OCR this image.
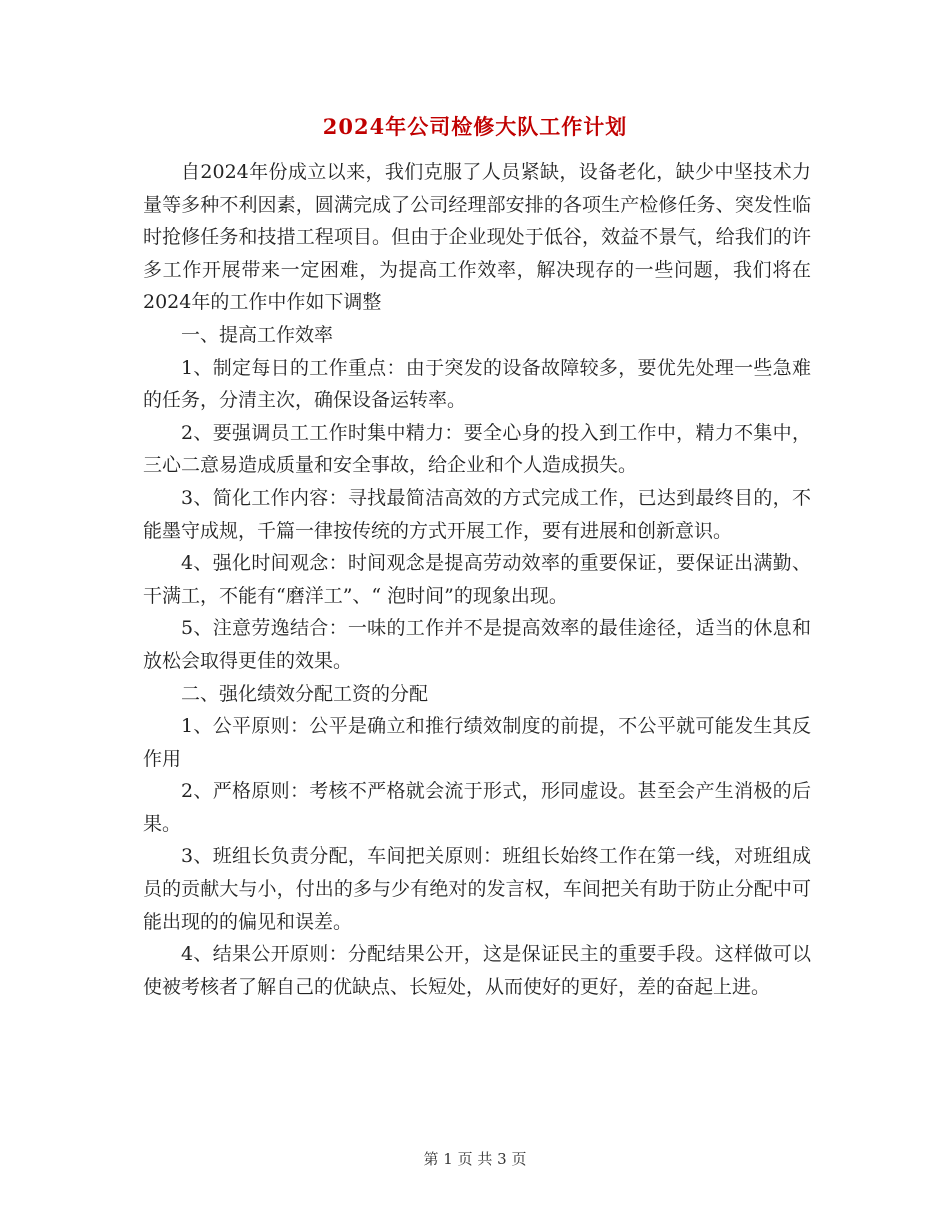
2024年公司检修大队工作计划

自2024年份成立以来，我们克服了人员紧缺，设备老化，缺少中坚技术力量等多种不利因素，圆满完成了公司经理部安排的各项生产检修任务、突发性临时抢修任务和技措工程项目。但由于企业现处于低谷，效益不景气，给我们的许多工作开展带来一定困难，为提高工作效率，解决现存的一些问题，我们将在2024年的工作中作如下调整

一、提高工作效率

1、制定每日的工作重点：由于突发的设备故障较多，要优先处理一些急难的任务，分清主次，确保设备运转率。

2、要强调员工工作时集中精力：要全心身的投入到工作中，精力不集中，三心二意易造成质量和安全事故，给企业和个人造成损失。

3、简化工作内容：寻找最简洁高效的方式完成工作，已达到最终目的，不能墨守成规，千篇一律按传统的方式开展工作，要有进展和创新意识。

4、强化时间观念：时间观念是提高劳动效率的重要保证，要保证出满勤、干满工，不能有“磨洋工”、“ 泡时间”的现象出现。

5、注意劳逸结合：一味的工作并不是提高效率的最佳途径，适当的休息和放松会取得更佳的效果。

二、强化绩效分配工资的分配

1、公平原则：公平是确立和推行绩效制度的前提，不公平就可能发生其反作用

2、严格原则：考核不严格就会流于形式，形同虚设。甚至会产生消极的后果。

3、班组长负责分配，车间把关原则：班组长始终工作在第一线，对班组成员的贡献大与小，付出的多与少有绝对的发言权，车间把关有助于防止分配中可能出现的的偏见和误差。

4、结果公开原则：分配结果公开，这是保证民主的重要手段。这样做可以使被考核者了解自己的优缺点、长短处，从而使好的更好，差的奋起上进。

第 1 页 共 3 页
